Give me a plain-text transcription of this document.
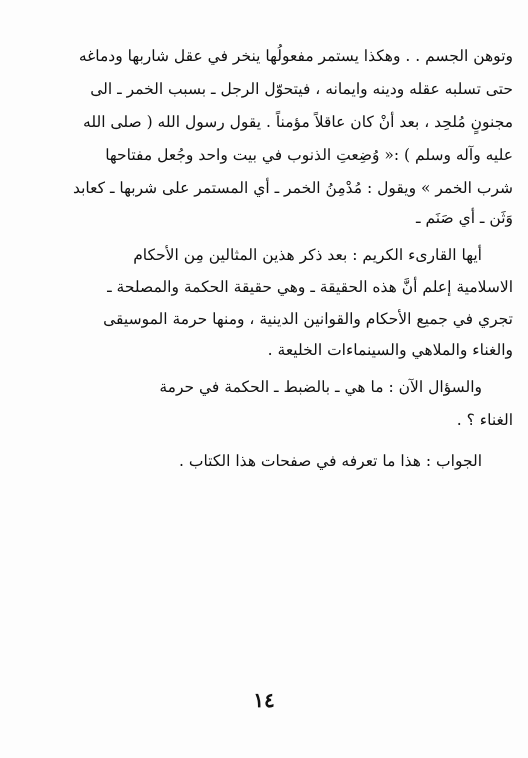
وتوهن الجسم . . وهكذا يستمر مفعولُها ينخر في عقل شاربها ودماغه
حتى تسلبه عقله ودينه وايمانه ، فيتحوّل الرجل ـ بسبب الخمر ـ الى
مجنونٍ مُلحِد ، بعد أنْ كان عاقلاً مؤمناً . يقول رسول الله ( صلى الله
عليه وآله وسلم ) :« وُضِعتِ الذنوب في بيت واحد وجُعل مفتاحها
شرب الخمر » ويقول : مُدْمِنُ الخمر ـ أي المستمر على شربها ـ كعابد
وَثَن ـ أي صَنَم ـ
أيها القارىء الكريم : بعد ذكر هذين المثالين مِن الأحكام
الاسلامية إعلم أنَّ هذه الحقيقة ـ وهي حقيقة الحكمة والمصلحة ـ
تجري في جميع الأحكام والقوانين الدينية ، ومنها حرمة الموسيقى
والغناء والملاهي والسينماءات الخليعة .
والسؤال الآن : ما هي ـ بالضبط ـ الحكمة في حرمة
الغناء ؟ .
الجواب : هذا ما تعرفه في صفحات هذا الكتاب .
١٤
